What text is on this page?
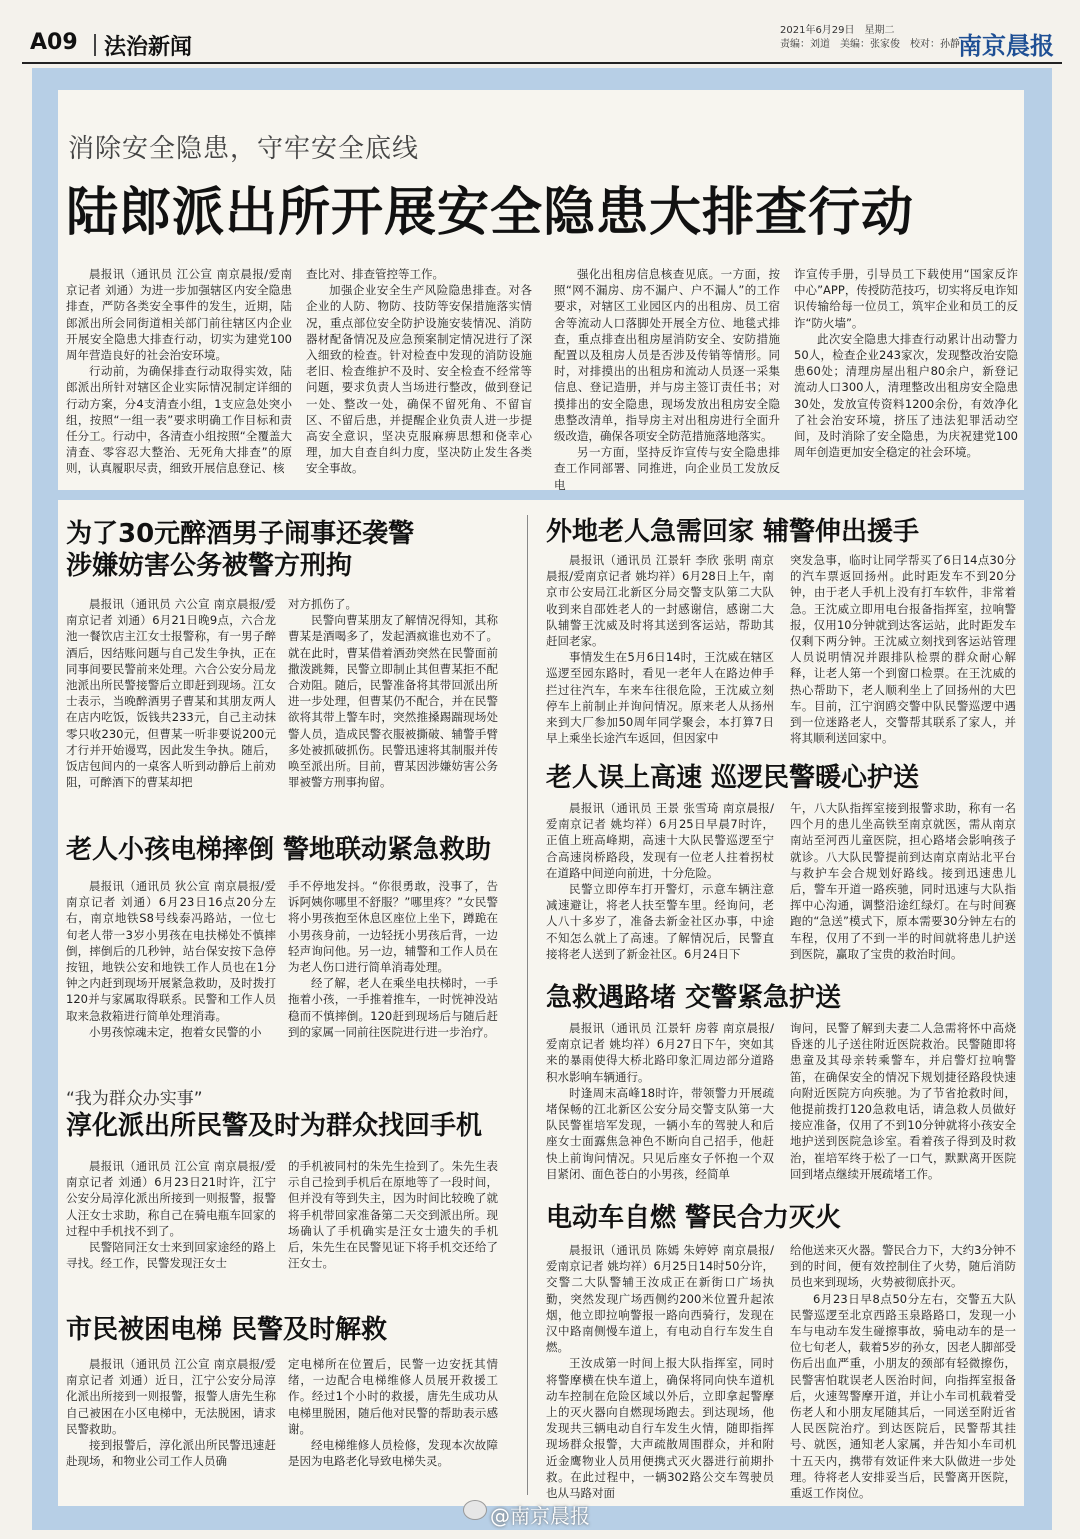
A09 法治新闻
2021年6月29日　星期二
责编：刘道　美编：张家俊　校对：孙静
南京晨报
消除安全隐患，守牢安全底线
陆郎派出所开展安全隐患大排查行动

晨报讯（通讯员 江公宣 南京晨报/爱南京记者 刘通）为进一步加强辖区内安全隐患排查，严防各类安全事件的发生，近期，陆郎派出所会同街道相关部门前往辖区内企业开展安全隐患大排查行动，切实为建党100周年营造良好的社会治安环境。

行动前，为确保排查行动取得实效，陆郎派出所针对辖区企业实际情况制定详细的行动方案，分4支清查小组，1支应急处突小组，按照“一组一表”要求明确工作目标和责任分工。行动中，各清查小组按照“全覆盖大清查、零容忍大整治、无死角大排查”的原则，认真履职尽责，细致开展信息登记、核

查比对、排查管控等工作。

加强企业安全生产风险隐患排查。对各企业的人防、物防、技防等安保措施落实情况，重点部位安全防护设施安装情况、消防器材配备情况及应急预案制定情况进行了深入细致的检查。针对检查中发现的消防设施老旧、检查维护不及时、安全检查不经常等问题，要求负责人当场进行整改，做到登记一处、整改一处，确保不留死角、不留盲区、不留后患，并提醒企业负责人进一步提高安全意识，坚决克服麻痹思想和侥幸心理，加大自查自纠力度，坚决防止发生各类安全事故。

强化出租房信息核查见底。一方面，按照“网不漏房、房不漏户、户不漏人”的工作要求，对辖区工业园区内的出租房、员工宿舍等流动人口落脚处开展全方位、地毯式排查，重点排查出租房屋消防安全、安防措施配置以及租房人员是否涉及传销等情形。同时，对排摸出的出租房和流动人员逐一采集信息、登记造册，并与房主签订责任书；对摸排出的安全隐患，现场发放出租房安全隐患整改清单，指导房主对出租房进行全面升级改造，确保各项安全防范措施落地落实。

另一方面，坚持反诈宣传与安全隐患排查工作同部署、同推进，向企业员工发放反电

诈宣传手册，引导员工下载使用“国家反诈中心”APP，传授防范技巧，切实将反电诈知识传输给每一位员工，筑牢企业和员工的反诈“防火墙”。

此次安全隐患大排查行动累计出动警力50人，检查企业243家次，发现整改治安隐患60处；清理房屋出租户80余户，新登记流动人口300人，清理整改出租房安全隐患30处，发放宣传资料1200余份，有效净化了社会治安环境，挤压了违法犯罪活动空间，及时消除了安全隐患，为庆祝建党100周年创造更加安全稳定的社会环境。

为了30元醉酒男子闹事还袭警
涉嫌妨害公务被警方刑拘

晨报讯（通讯员 六公宣 南京晨报/爱南京记者 刘通）6月21日晚9点，六合龙池一餐饮店主江女士报警称，有一男子醉酒后，因结账问题与自己发生争执，正在同事间要民警前来处理。六合公安分局龙池派出所民警接警后立即赶到现场。江女士表示，当晚醉酒男子曹某和其朋友两人在店内吃饭，饭钱共233元，自己主动抹零只收230元，但曹某一听非要说200元才行并开始谩骂，因此发生争执。随后，饭店包间内的一桌客人听到动静后上前劝阻，可醉酒下的曹某却把

对方抓伤了。

民警向曹某朋友了解情况得知，其称曹某是酒喝多了，发起酒疯谁也劝不了。就在此时，曹某借着酒劲突然在民警面前撒泼跳舞，民警立即制止其但曹某拒不配合劝阻。随后，民警准备将其带回派出所进一步处理，但曹某仍不配合，并在民警欲将其带上警车时，突然推搡踢踹现场处警人员，造成民警衣服被撕破、辅警手臂多处被抓破抓伤。民警迅速将其制服并传唤至派出所。目前，曹某因涉嫌妨害公务罪被警方刑事拘留。

老人小孩电梯摔倒 警地联动紧急救助

晨报讯（通讯员 狄公宣 南京晨报/爱南京记者 刘通）6月23日16点20分左右，南京地铁S8号线泰冯路站，一位七旬老人带一3岁小男孩在电扶梯处不慎摔倒，摔倒后的几秒钟，站台保安按下急停按钮，地铁公安和地铁工作人员也在1分钟之内赶到现场开展紧急救助，及时拨打120并与家属取得联系。民警和工作人员取来急救箱进行简单处理消毒。

小男孩惊魂未定，抱着女民警的小

手不停地发抖。“你很勇敢，没事了，告诉阿姨你哪里不舒服？”哪里疼？”女民警将小男孩抱至休息区座位上坐下，蹲跪在小男孩身前，一边轻抚小男孩后背，一边轻声询问他。另一边，辅警和工作人员在为老人伤口进行简单消毒处理。

经了解，老人在乘坐电扶梯时，一手拖着小孩，一手推着推车，一时恍神没站稳而不慎摔倒。120赶到现场后与随后赶到的家属一同前往医院进行进一步治疗。

“我为群众办实事”
淳化派出所民警及时为群众找回手机

晨报讯（通讯员 江公宣 南京晨报/爱南京记者 刘通）6月23日21时许，江宁公安分局淳化派出所接到一则报警，报警人汪女士求助，称自己在骑电瓶车回家的过程中手机找不到了。

民警陪同汪女士来到回家途经的路上寻找。经工作，民警发现汪女士

的手机被同村的朱先生捡到了。朱先生表示自己捡到手机后在原地等了一段时间，但并没有等到失主，因为时间比较晚了就将手机带回家准备第二天交到派出所。现场确认了手机确实是汪女士遗失的手机后，朱先生在民警见证下将手机交还给了汪女士。

市民被困电梯 民警及时解救

晨报讯（通讯员 江公宣 南京晨报/爱南京记者 刘通）近日，江宁公安分局淳化派出所接到一则报警，报警人唐先生称自己被困在小区电梯中，无法脱困，请求民警救助。

接到报警后，淳化派出所民警迅速赶赴现场，和物业公司工作人员确

定电梯所在位置后，民警一边安抚其情绪，一边配合电梯维修人员展开救援工作。经过1个小时的救援，唐先生成功从电梯里脱困，随后他对民警的帮助表示感谢。

经电梯维修人员检修，发现本次故障是因为电路老化导致电梯失灵。

外地老人急需回家 辅警伸出援手

晨报讯（通讯员 江景轩 李欣 张明 南京晨报/爱南京记者 姚均祥）6月28日上午，南京市公安局江北新区分局交警支队第二大队收到来自邵姓老人的一封感谢信，感谢二大队辅警王沈威及时将其送到客运站，帮助其赶回老家。

事情发生在5月6日14时，王沈威在辖区巡逻至园东路时，看见一老年人在路边伸手拦过往汽车，车来车往很危险，王沈威立刻停车上前制止并询问情况。原来老人从扬州来到大厂参加50周年同学聚会，本打算7日早上乘坐长途汽车返回，但因家中

突发急事，临时让同学帮买了6日14点30分的汽车票返回扬州。此时距发车不到20分钟，由于老人手机上没有打车软件，非常着急。王沈威立即用电台报备指挥室，拉响警报，仅用10分钟就到达客运站，此时距发车仅剩下两分钟。王沈威立刻找到客运站管理人员说明情况并跟排队检票的群众耐心解释，让老人第一个到窗口检票。在王沈威的热心帮助下，老人顺利坐上了回扬州的大巴车。目前，江宁润鸥交警中队民警巡逻中遇到一位迷路老人，交警帮其联系了家人，并将其顺利送回家中。

老人误上高速 巡逻民警暖心护送

晨报讯（通讯员 王景 张雪琦 南京晨报/爱南京记者 姚均祥）6月25日早晨7时许，正值上班高峰期，高速十大队民警巡逻至宁合高速岗桥路段，发现有一位老人拄着拐杖在道路中间逆向前进，十分危险。

民警立即停车打开警灯，示意车辆注意减速避让，将老人扶至警车里。经询问，老人八十多岁了，准备去新金社区办事，中途不知怎么就上了高速。了解情况后，民警直接将老人送到了新金社区。6月24日下

午，八大队指挥室接到报警求助，称有一名四个月的患儿坐高铁至南京就医，需从南京南站至河西儿童医院，担心路堵会影响孩子就诊。八大队民警提前到达南京南站北平台与救护车会合规划好路线。接到迅速患儿后，警车开道一路疾驰，同时迅速与大队指挥中心沟通，调整沿途红绿灯。在与时间赛跑的“急送”模式下，原本需要30分钟左右的车程，仅用了不到一半的时间就将患儿护送到医院，赢取了宝贵的救治时间。

急救遇路堵 交警紧急护送

晨报讯（通讯员 江景轩 房蓉 南京晨报/爱南京记者 姚均祥）6月27日下午，突如其来的暴雨使得大桥北路印象汇周边部分道路积水影响车辆通行。

时逢周末高峰18时许，带领警力开展疏堵保畅的江北新区公安分局交警支队第一大队民警崔培军发现，一辆小车的驾驶人和后座女士面露焦急神色不断向自己招手，他赶快上前询问情况。只见后座女子怀抱一个双目紧闭、面色苍白的小男孩，经简单

询问，民警了解到夫妻二人急需将怀中高烧昏迷的儿子送往附近医院救治。民警随即将患童及其母亲转乘警车，并启警灯拉响警笛，在确保安全的情况下规划捷径路段快速向附近医院方向疾驰。为了节省抢救时间，他提前拨打120急救电话，请急救人员做好接应准备，仅用了不到10分钟就将小孩安全地护送到医院急诊室。看着孩子得到及时救治，崔培军终于松了一口气，默默离开医院回到堵点继续开展疏堵工作。

电动车自燃 警民合力灭火

晨报讯（通讯员 陈嫣 朱婷婷 南京晨报/爱南京记者 姚均祥）6月25日14时50分许，交警二大队警辅王汝成正在新街口广场执勤，突然发现广场西侧约200米位置升起浓烟，他立即拉响警报一路向西骑行，发现在汉中路南侧慢车道上，有电动自行车发生自燃。

王汝成第一时间上报大队指挥室，同时将警摩横在快车道上，确保将同向快车道机动车控制在危险区域以外后，立即拿起警摩上的灭火器向自燃现场跑去。到达现场，他发现共三辆电动自行车发生火情，随即指挥现场群众报警，大声疏散周围群众，并和附近金鹰物业人员用便携式灭火器进行前期扑救。在此过程中，一辆302路公交车驾驶员也从马路对面

给他送来灭火器。警民合力下，大约3分钟不到的时间，便有效控制住了火势，随后消防员也来到现场，火势被彻底扑灭。

6月23日早8点50分左右，交警五大队民警巡逻至北京西路玉泉路路口，发现一小车与电动车发生碰擦事故，骑电动车的是一位七旬老人，载着5岁的孙女，因老人脚部受伤后出血严重，小朋友的颈部有轻微擦伤，民警害怕耽误老人医治时间，向指挥室报备后，火速驾警摩开道，并让小车司机载着受伤老人和小朋友尾随其后，一同送至附近省人民医院治疗。到达医院后，民警帮其挂号、就医，通知老人家属，并告知小车司机十五天内，携带有效证件来大队做进一步处理。待将老人安排妥当后，民警离开医院，重返工作岗位。

@南京晨报
